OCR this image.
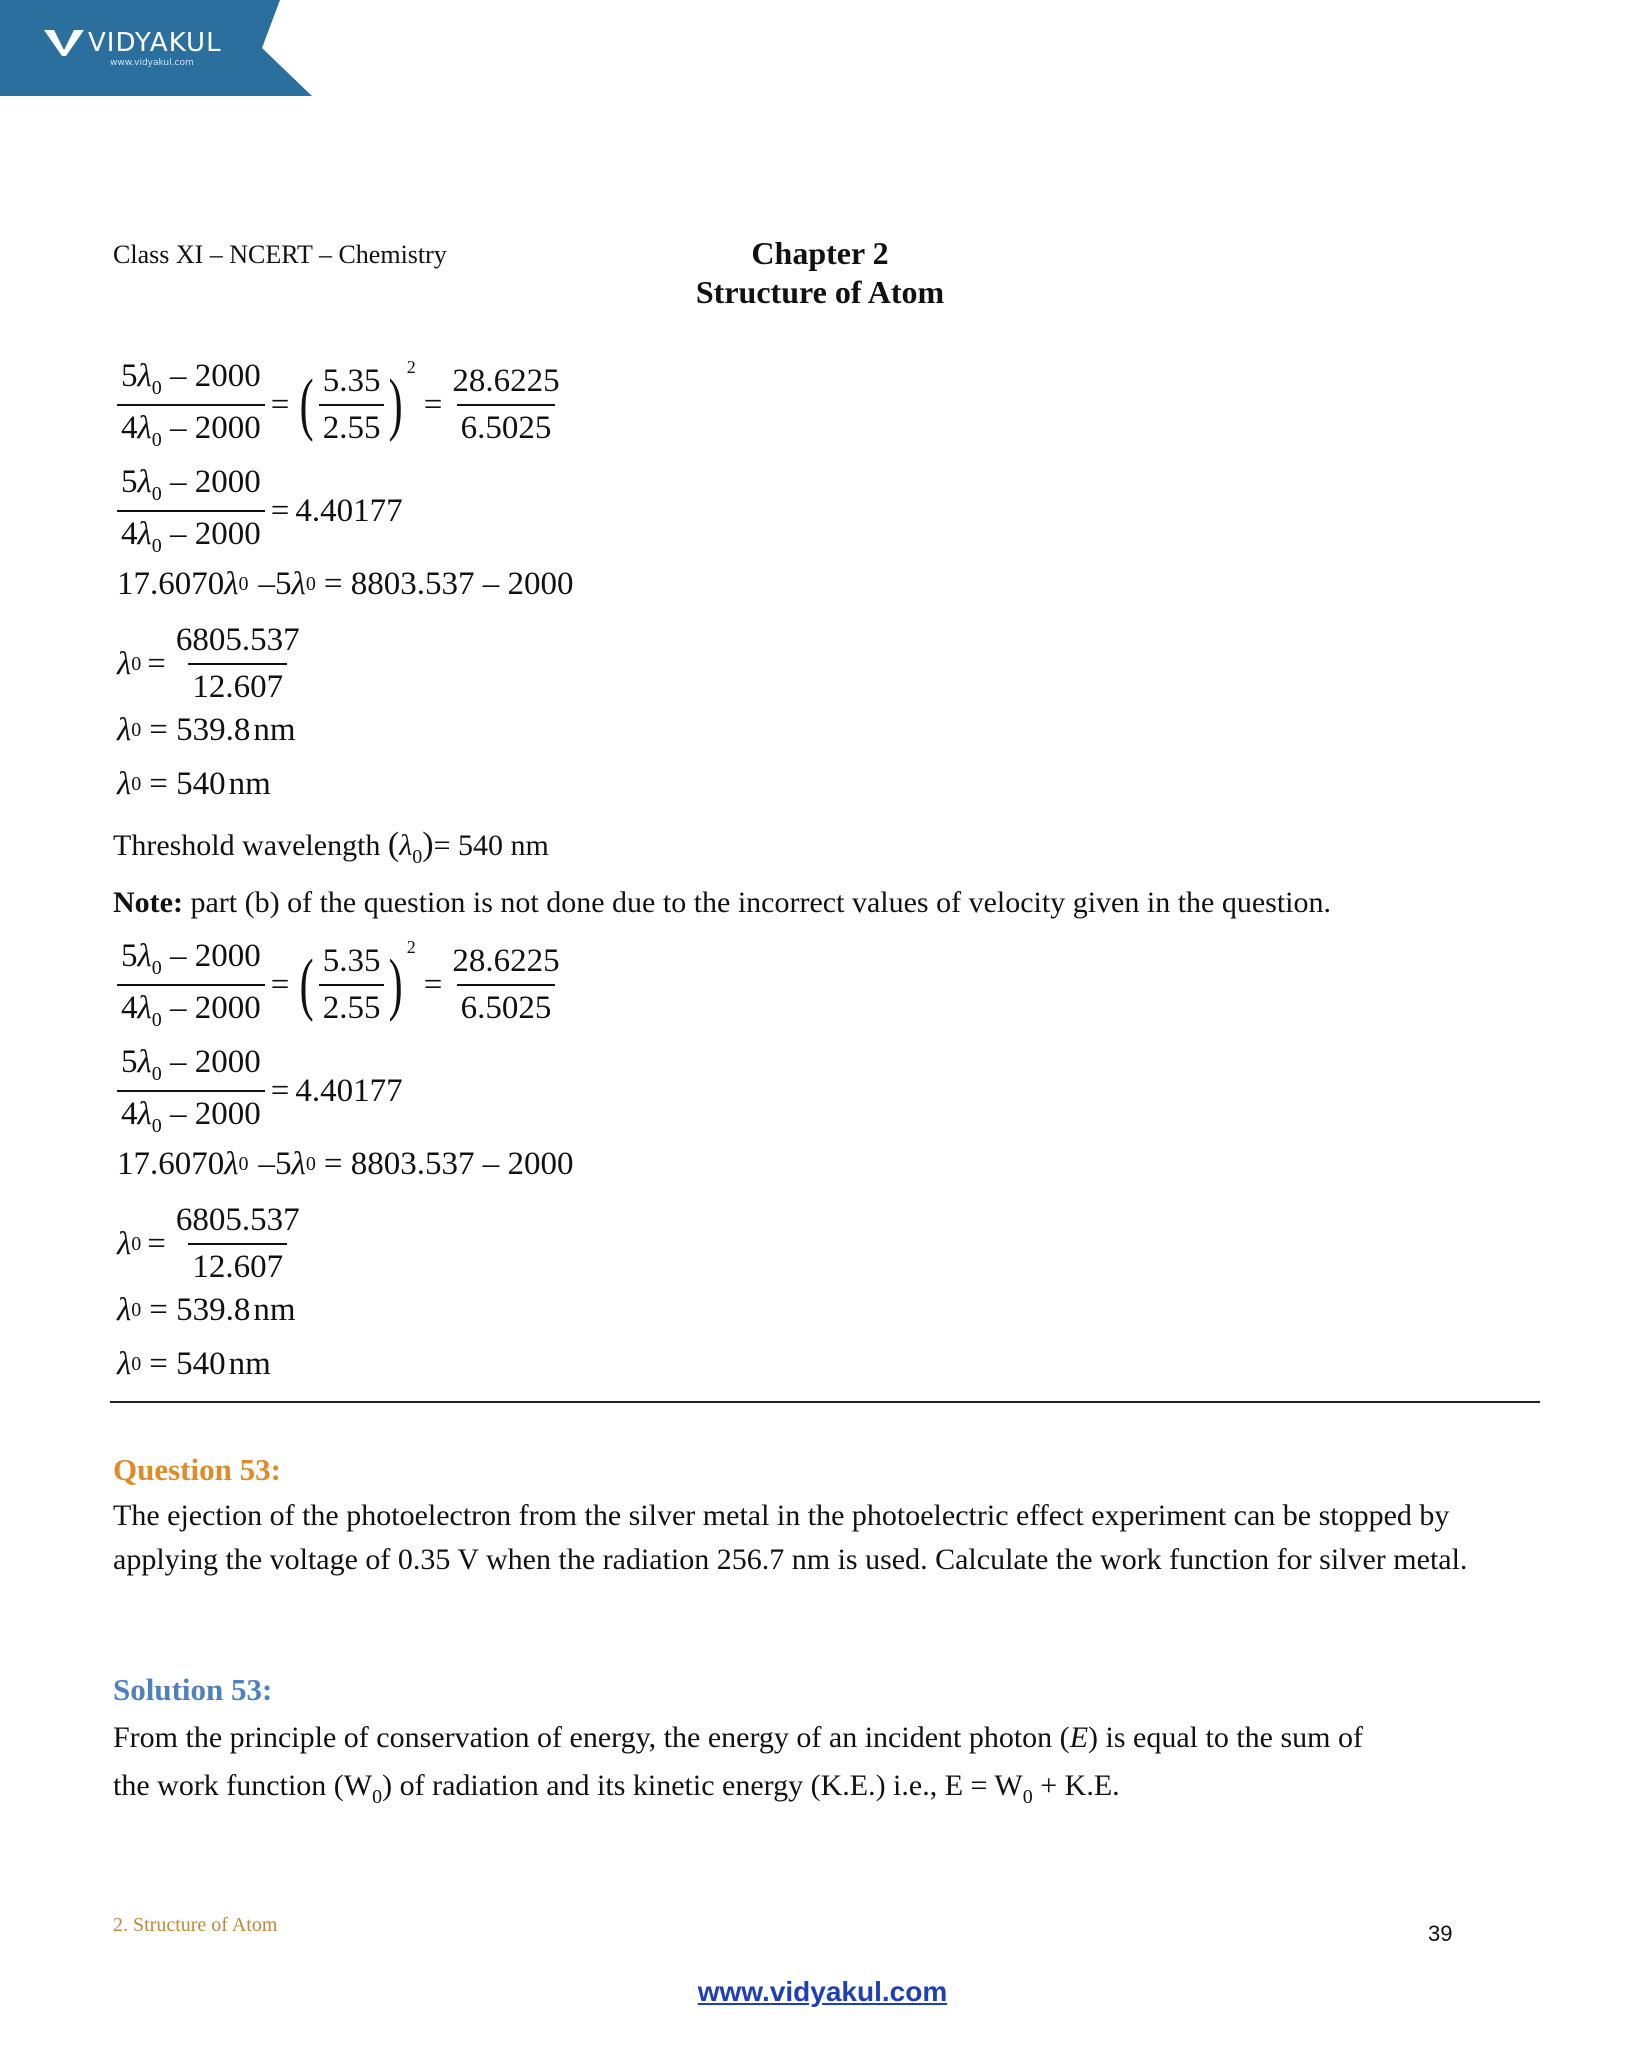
VIDYAKUL
www.vidyakul.com
Class XI – NCERT – Chemistry	Chapter 2
Structure of Atom
$\frac{5\lambda_0 - 2000}{4\lambda_0 - 2000}$ = ( $\frac{5.35}{2.55}$ ) 2
= $\frac{28.6225}{6.5025}$
$\frac{5\lambda_0 - 2000}{4\lambda_0 - 2000} = 4.40177$
17.6070 λ 0 –5 λ 0 = 8803.537 – 2000
λ $0 = \frac{6805.537}{12.607}$
λ 0 = 539.8 nm
λ 0 = 540 nm
Threshold wavelength $(\lambda_0)= 540$ nm
Note: part (b) of the question is not done due to the incorrect values of velocity given in the question.
$\frac{5\lambda_0 - 2000}{4\lambda_0 - 2000}$ = ( $\frac{5.35}{2.55}$ ) 2
= $\frac{28.6225}{6.5025}$
$\frac{5\lambda_0 - 2000}{4\lambda_0 - 2000} = 4.40177$
17.6070 λ 0 –5 λ 0 = 8803.537 – 2000
λ $0 = \frac{6805.537}{12.607}$
λ 0 = 539.8 nm
λ 0 = 540 nm
Question 53:
The ejection of the photoelectron from the silver metal in the photoelectric effect experiment can be stopped by applying the voltage of 0.35 V when the radiation 256.7 nm is used. Calculate the work function for silver metal.
Solution 53:
From the principle of conservation of energy, the energy of an incident photon (E) is equal to the sum of
the work function $(W_0)$ of radiation and its kinetic energy (K.E.) i.e., $E = W_0 + K.E$.
2. Structure of Atom	39
www.vidyakul.com
